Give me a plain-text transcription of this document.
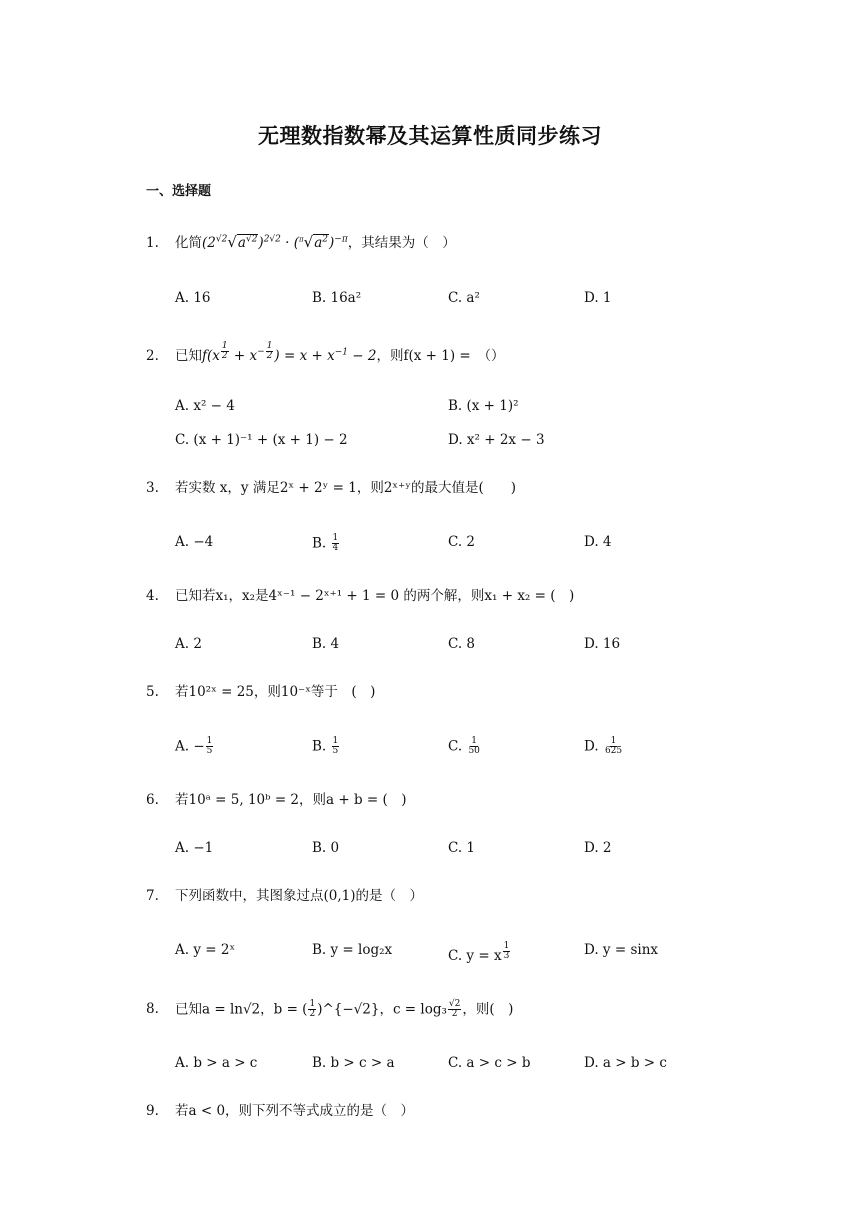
无理数指数幂及其运算性质同步练习
一、选择题
1. 化简$(2^{√2}√a^{√2})^{2√2} \cdot (^\pi√a^2)^{-\pi}$，其结果为（　）
A. 16	B. 16a²	C. a²	D. 1
2. 已知f(x $^{\frac{1}{2}} + x^{- \frac{1}{2}}$ ) = $x + x^{-1} - 2$，则f(x + 1) =　（）
A. x² − 4	B. (x + 1)²
C. (x + 1)⁻¹ + (x + 1) − 2	D. x² + 2x − 3
3. 若实数 x，y 满足2ˣ + 2ʸ = 1，则2ˣ⁺ʸ的最大值是(　　)
A. −4	B. $\frac{1}{4}$	C. 2	D. 4
4. 已知若x₁，x₂是4ˣ⁻¹ − 2ˣ⁺¹ + 1 = 0 的两个解，则x₁ + x₂ = (　)
A. 2	B. 4	C. 8	D. 16
5. 若10²ˣ = 25，则10⁻ˣ等于　(　)
A. − $\frac{1}{5}$	B. $\frac{1}{5}$	C. $\frac{1}{50}$	D. $\frac{1}{625}$
6. 若10ᵃ = 5, 10ᵇ = 2，则a + b = (　)
A. −1	B. 0	C. 1	D. 2
7. 下列函数中，其图象过点(0,1)的是（　）
A. y = 2ˣ	B. y = log₂x	C. y = x $^{\frac{1}{3}}$	D. y = sinx
8. 已知a = ln√2，b = ( $\frac{1}{2}$ )^{−√2}，$c = \log_3 \frac{√2}{2}$ ，则(　)
A. b > a > c	B. b > c > a	C. a > c > b	D. a > b > c
9. 若a < 0，则下列不等式成立的是（　）
